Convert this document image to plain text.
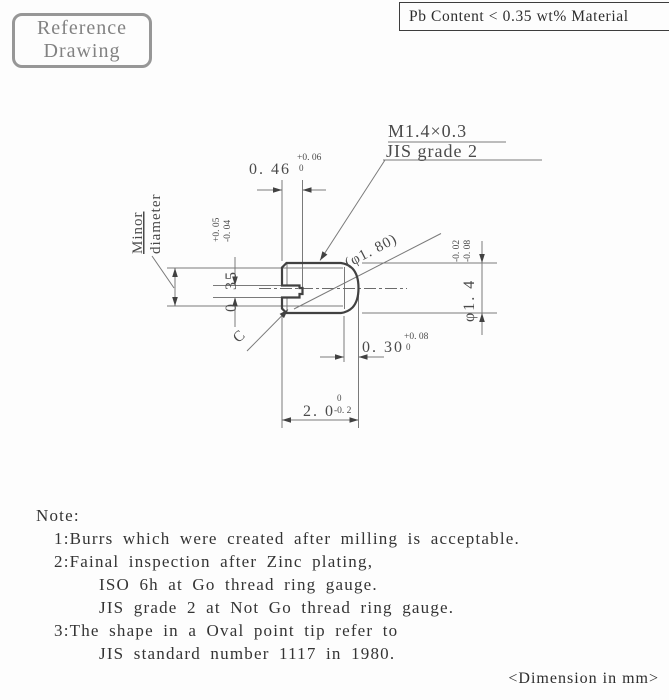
Reference
Drawing
Pb Content < 0.35 wt% Material
M1.4×0.3
JIS grade 2
0. 46
+0. 06
0
0. 35
+0. 05 -0. 04
Minor diameter	(φ1. 80)
φ1. 4
-0. 02 -0. 08
0. 30
+0. 08
0
2. 0
0
-0. 2
C
Note:
1:Burrs which were created after milling is acceptable.
2:Fainal inspection after Zinc plating,
ISO 6h at Go thread ring gauge.
JIS grade 2 at Not Go thread ring gauge.
3:The shape in a Oval point tip refer to
JIS standard number 1117 in 1980.
<Dimension in mm>
